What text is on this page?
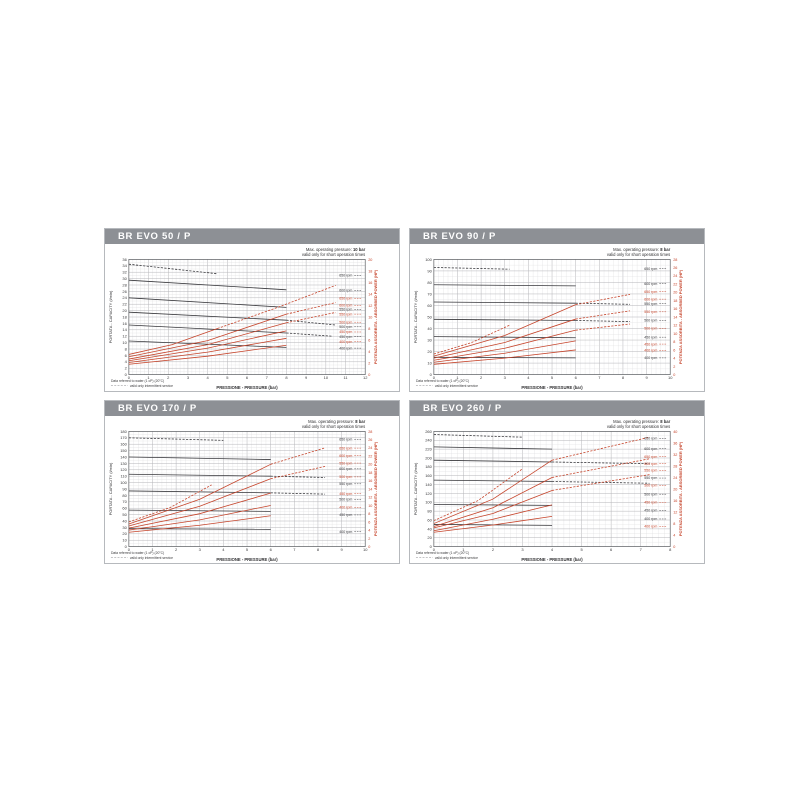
BR EVO 50 / P
0	1	2	3	4	5	6	7	8	9	10	11	12
0
2
4
6
8
10
12
14
16
18
20
22
24
26
28
30
32
34
36
0
2
4
6
8
10
12
14
16
18
20
650 rpm
600 rpm
650 rpm
600 rpm
550 rpm
550 rpm
500 rpm
500 rpm
450 rpm
450 rpm
400 rpm
400 rpm
Max. operating pressure: 10 bar
valid only for short operation times
Data referred to water (1 cP) (20°C)
valid only intermittent service	PRESSIONE - PRESSURE (bar)
PORTATA - CAPACITY (l/min)	POTENZA ASSORBITA - ABSORBED POWER (HP)
BR EVO 90 / P
0	1	2	3	4	5	6	7	8	9	10
0
10
20
30
40
50
60
70
80
90
100
0
2
4
6
8
10
12
14
16
18
20
22
24
26
28
650 rpm
600 rpm
650 rpm
600 rpm
550 rpm
550 rpm
500 rpm
500 rpm
450 rpm
450 rpm
400 rpm
400 rpm
Max. operating pressure: 8 bar
valid only for short operation times
Data referred to water (1 cP) (20°C)
valid only intermittent service	PRESSIONE - PRESSURE (bar)
PORTATA - CAPACITY (l/min)	POTENZA ASSORBITA - ABSORBED POWER (HP)
BR EVO 170 / P
0	1	2	3	4	5	6	7	8	9	10
0
10
20
30
40
50
60
70
80
90
100
110
120
130
140
150
160
170
180
0
2
4
6
8
10
12
14
16
18
20
22
24
26
28
650 rpm
650 rpm
600 rpm
550 rpm
600 rpm
500 rpm
550 rpm
450 rpm
500 rpm
400 rpm
450 rpm
400 rpm
Max. operating pressure: 8 bar
valid only for short operation times
Data referred to water (1 cP) (20°C)
valid only intermittent service	PRESSIONE - PRESSURE (bar)
PORTATA - CAPACITY (l/min)	POTENZA ASSORBITA - ABSORBED POWER (HP)
BR EVO 260 / P
0	1	2	3	4	5	6	7	8
0
20
40
60
80
100
120
140
160
180
200
220
240
260
0
4
8
12
16
20
24
28
32
36
40
650 rpm
600 rpm
650 rpm
600 rpm
550 rpm
550 rpm
500 rpm
500 rpm
450 rpm
450 rpm
400 rpm
400 rpm
Max. operating pressure: 8 bar
valid only for short operation times
Data referred to water (1 cP) (20°C)
valid only intermittent service	PRESSIONE - PRESSURE (bar)
PORTATA - CAPACITY (l/min)	POTENZA ASSORBITA - ABSORBED POWER (HP)
